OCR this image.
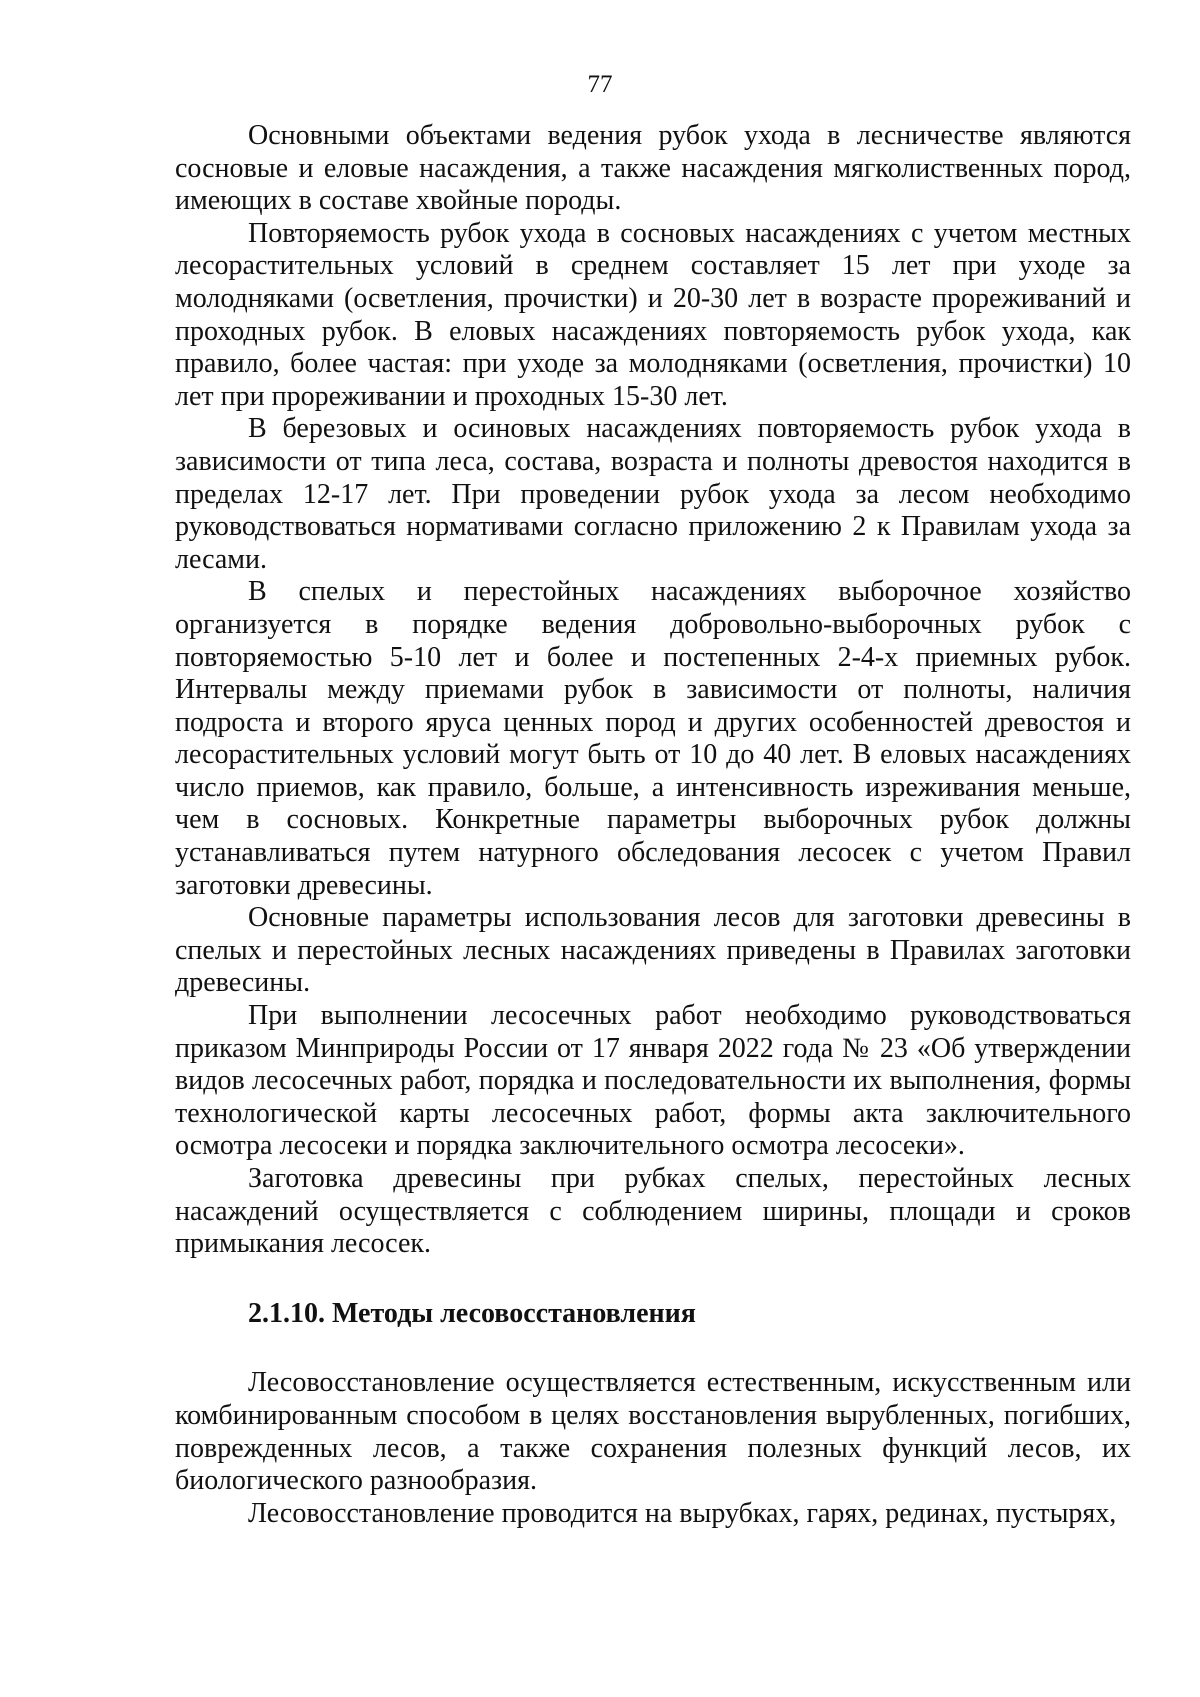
77

Основными объектами ведения рубок ухода в лесничестве являются сосновые и еловые насаждения, а также насаждения мягколиственных пород, имеющих в составе хвойные породы.

Повторяемость рубок ухода в сосновых насаждениях с учетом местных лесорастительных условий в среднем составляет 15 лет при уходе за молодняками (осветления, прочистки) и 20-30 лет в возрасте прореживаний и проходных рубок. В еловых насаждениях повторяемость рубок ухода, как правило, более частая: при уходе за молодняками (осветления, прочистки) 10 лет при прореживании и проходных 15-30 лет.

В березовых и осиновых насаждениях повторяемость рубок ухода в зависимости от типа леса, состава, возраста и полноты древостоя находится в пределах 12-17 лет. При проведении рубок ухода за лесом необходимо руководствоваться нормативами согласно приложению 2 к Правилам ухода за лесами.

В спелых и перестойных насаждениях выборочное хозяйство организуется в порядке ведения добровольно-выборочных рубок с повторяемостью 5-10 лет и более и постепенных 2-4-х приемных рубок. Интервалы между приемами рубок в зависимости от полноты, наличия подроста и второго яруса ценных пород и других особенностей древостоя и лесорастительных условий могут быть от 10 до 40 лет. В еловых насаждениях число приемов, как правило, больше, а интенсивность изреживания меньше, чем в сосновых. Конкретные параметры выборочных рубок должны устанавливаться путем натурного обследования лесосек с учетом Правил заготовки древесины.

Основные параметры использования лесов для заготовки древесины в спелых и перестойных лесных насаждениях приведены в Правилах заготовки древесины.

При выполнении лесосечных работ необходимо руководствоваться приказом Минприроды России от 17 января 2022 года № 23 «Об утверждении видов лесосечных работ, порядка и последовательности их выполнения, формы технологической карты лесосечных работ, формы акта заключительного осмотра лесосеки и порядка заключительного осмотра лесосеки».

Заготовка древесины при рубках спелых, перестойных лесных насаждений осуществляется с соблюдением ширины, площади и сроков примыкания лесосек.

2.1.10. Методы лесовосстановления

Лесовосстановление осуществляется естественным, искусственным или комбинированным способом в целях восстановления вырубленных, погибших, поврежденных лесов, а также сохранения полезных функций лесов, их биологического разнообразия.

Лесовосстановление проводится на вырубках, гарях, рединах, пустырях,
